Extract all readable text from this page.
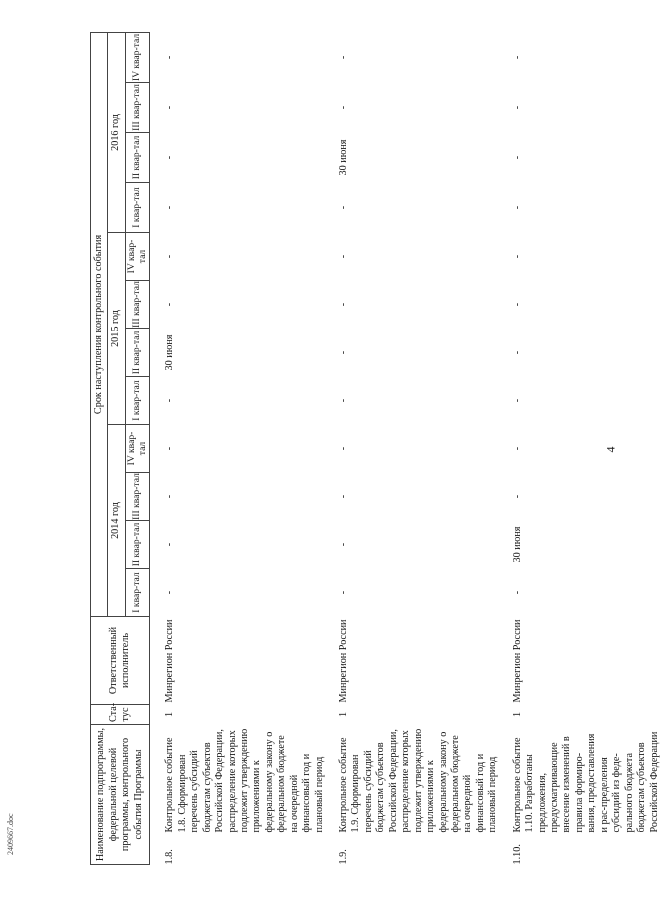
4
Наименование подпрограммы, федеральной целевой программы, контрольного события Программы		Ста-тус	Ответственный исполнитель	Срок наступления контрольного события											
				2014 год				2015 год				2016 год			
				I квар-тал	II квар-тал	III квар-тал	IV квар-тал	I квар-тал	II квар-тал	III квар-тал	IV квар-тал	I квар-тал	II квар-тал	III квар-тал	IV квар-тал
1.8.	Контрольное событие 1.8. Сформирован перечень субсидий бюджетам субъектов Российской Федерации, распределение которых подлежит утверждению приложениями к федеральному закону о федеральном бюджете на очередной финансовый год и плановый период	1	Минрегион России	-	-	-	-	-	30 июня	-	-	-	-	-	-
1.9.	Контрольное событие 1.9. Сформирован перечень субсидий бюджетам субъектов Российской Федерации, распределение которых подлежит утверждению приложениями к федеральному закону о федеральном бюджете на очередной финансовый год и плановый период	1	Минрегион России	-	-	-	-	-	-	-	-	-	30 июня	-	-
1.10.	Контрольное событие 1.10. Разработаны предложения, предусматривающие внесение изменений в правила формиро-вания, предоставления и рас-пределения субсидий из феде-рального бюджета бюджетам субъектов Российской Федерации	1	Минрегион России	-	30 июня	-	-	-	-	-	-	-	-	-	-
2409667.doc
